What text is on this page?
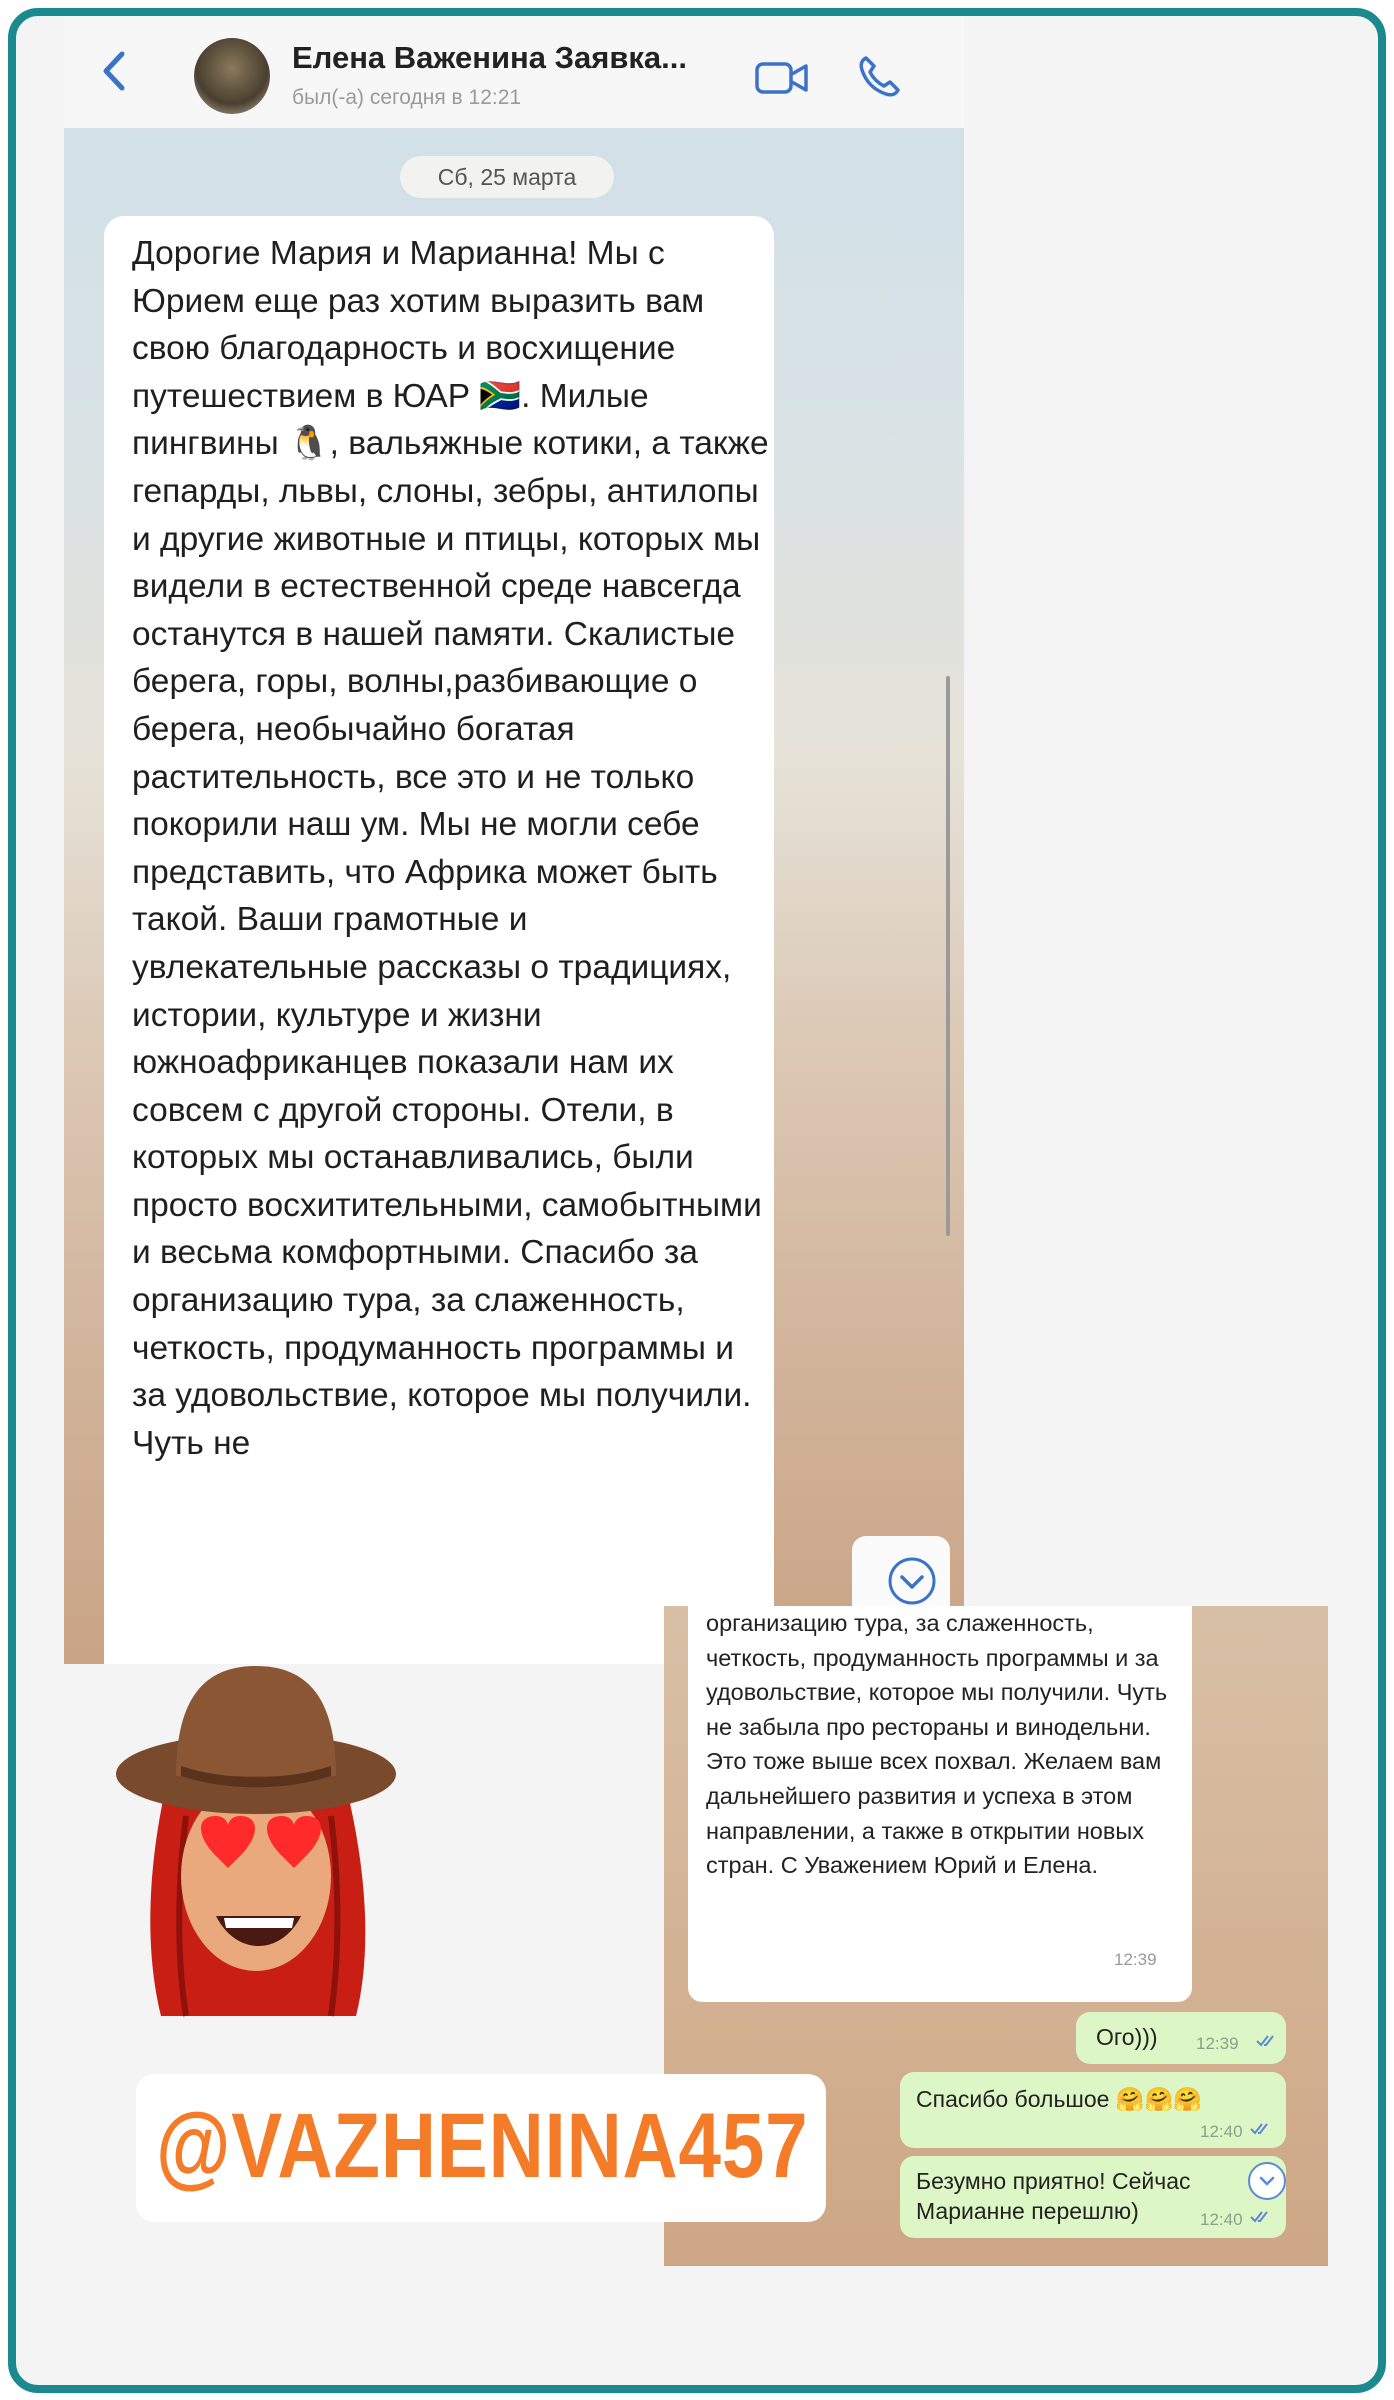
Елена Важенина Заявка...
был(-а) сегодня в 12:21
Сб, 25 марта
Дорогие Мария и Марианна! Мы с Юрием еще раз хотим выразить вам свою благодарность и восхищение путешествием в ЮАР 🇿🇦. Милые пингвины 🐧, вальяжные котики, а также гепарды, львы, слоны, зебры, антилопы и другие животные и птицы, которых мы видели в естественной среде навсегда останутся в нашей памяти. Скалистые берега, горы, волны,разбивающие о берега, необычайно богатая растительность, все это и не только покорили наш ум. Мы не могли себе представить, что Африка может быть такой. Ваши грамотные и увлекательные рассказы о традициях, истории, культуре и жизни южноафриканцев показали нам их совсем с другой стороны. Отели, в которых мы останавливались, были просто восхитительными, самобытными и весьма комфортными. Спасибо за организацию тура, за слаженность, четкость, продуманность программы и за удовольствие, которое мы получили. Чуть не
организацию тура, за слаженность, четкость, продуманность программы и за удовольствие, которое мы получили. Чуть не забыла про рестораны и винодельни. Это тоже выше всех похвал. Желаем вам дальнейшего развития и успеха в этом направлении, а также в открытии новых стран. С Уважением Юрий и Елена.
12:39
Ого))) 12:39
Спасибо большое 🤗🤗🤗
12:40
Безумно приятно! Сейчас Марианне перешлю)	12:40
@VAZHENINA457
